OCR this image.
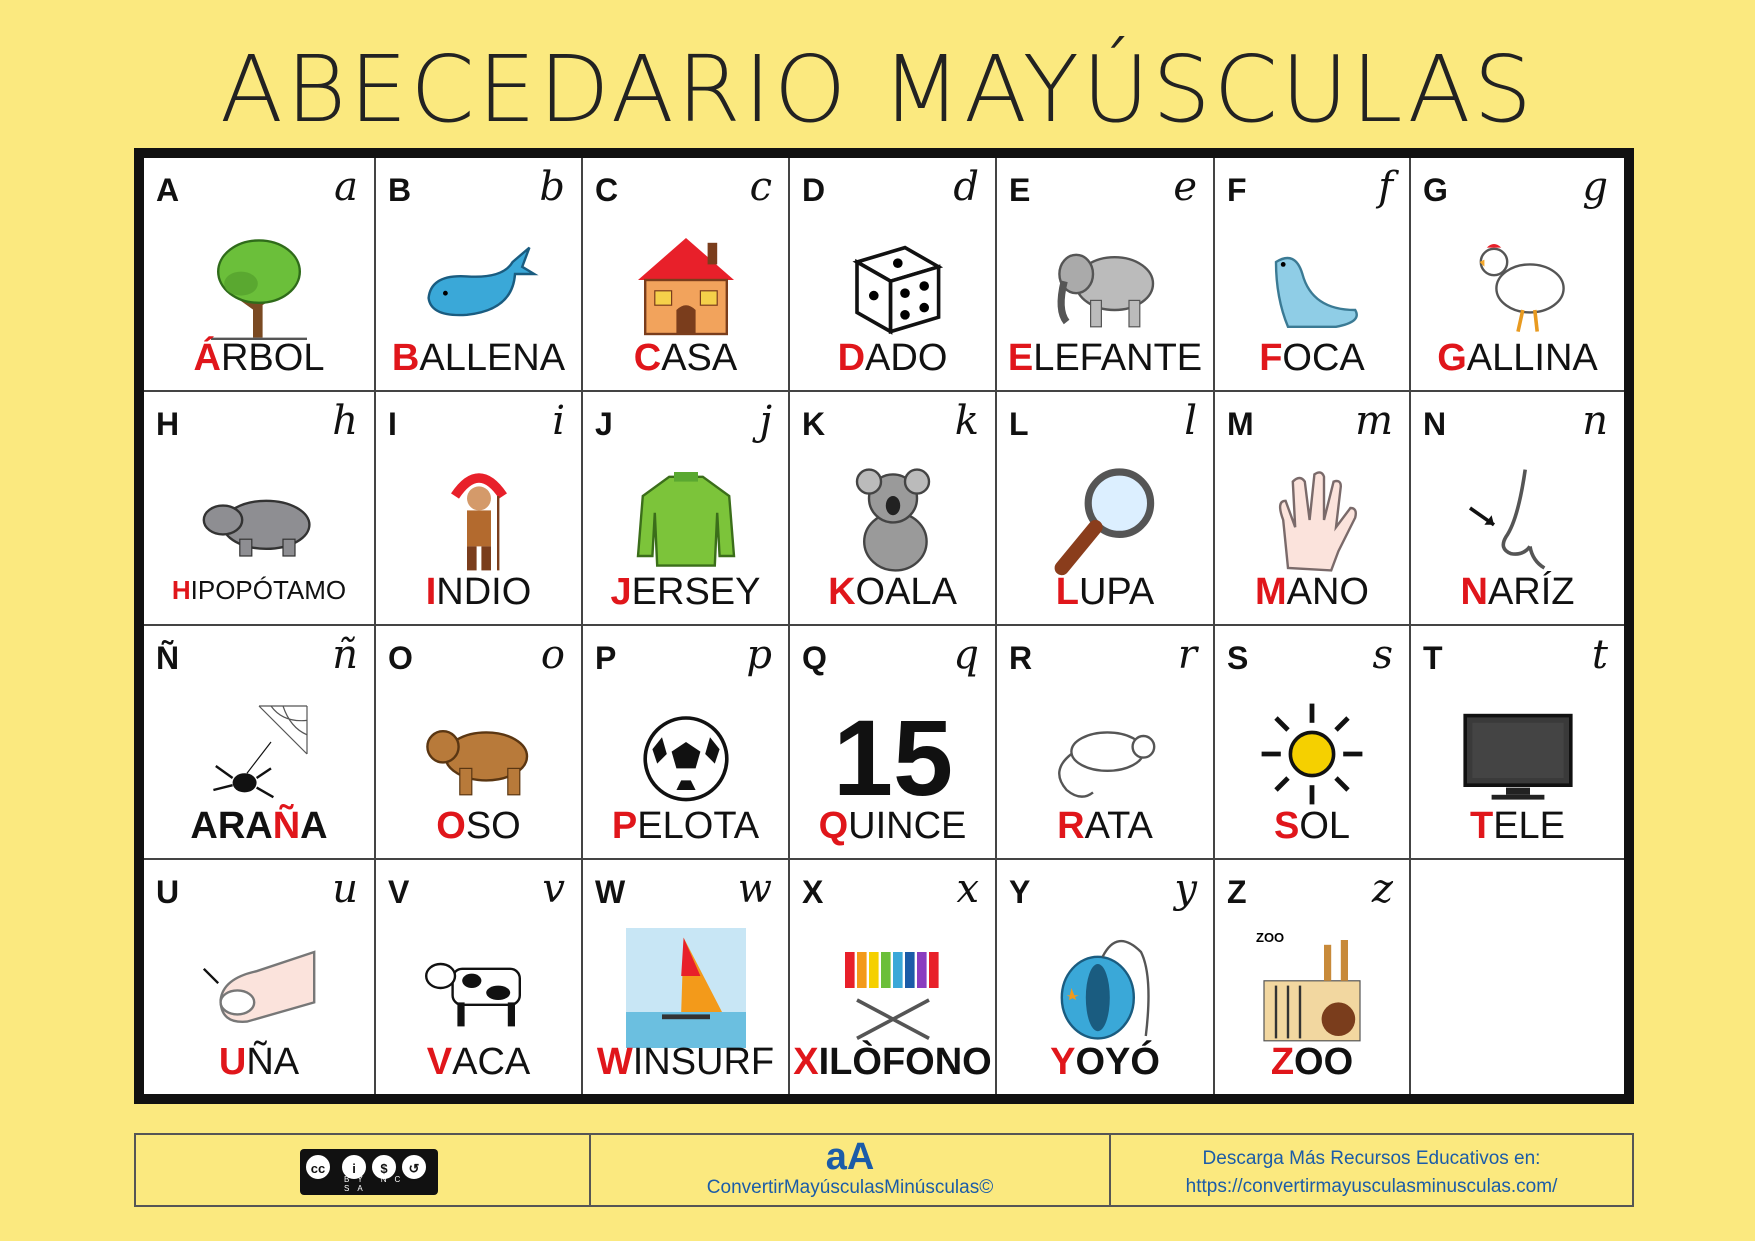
ABECEDARIO MAYÚSCULAS
A	a
ÁRBOL
B	b
BALLENA
C	c
CASA
D	d
DADO
E	e
ELEFANTE
F	f
FOCA
G	g
GALLINA
H	h
HIPOPÓTAMO
I	i
INDIO
J	j
JERSEY
K	k
KOALA
L	l
LUPA
M	m
MANO
N	n
NARÍZ
Ñ	ñ
ARAÑA
O	o
OSO
P	p
PELOTA
Q	q
15
QUINCE
R	r
RATA
S	s
SOL
T	t
TELE
U	u
UÑA
V	v
VACA
W	w
WINSURF
X	x
XILÒFONO
Y	y
YOYÓ
Z	z
ZOO
ZOO
cc	i	$	↺
BY NC SA
aA
ConvertirMayúsculasMinúsculas©
Descarga Más Recursos Educativos en:
https://convertirmayusculasminusculas.com/
